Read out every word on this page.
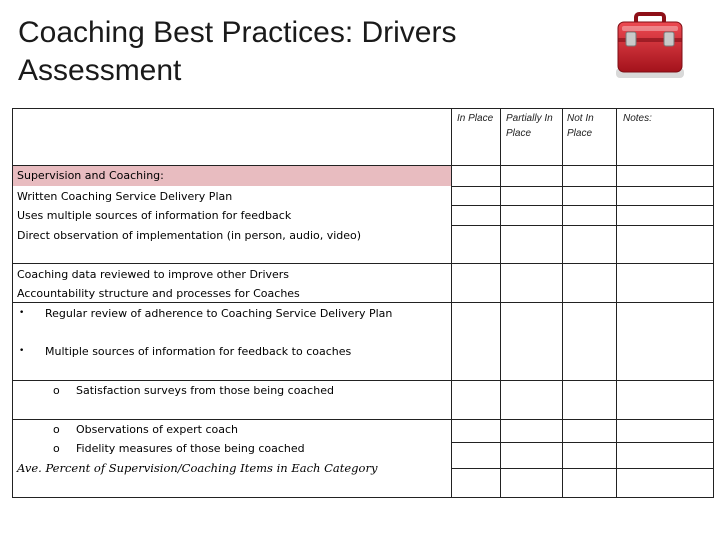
Coaching Best Practices: Drivers Assessment
In Place Partially In
Place
Not In
Place
Notes:
Supervision and Coaching:
Written Coaching Service Delivery Plan
Uses multiple sources of information for feedback
Direct observation of implementation (in person, audio, video)
Coaching data reviewed to improve other Drivers
Accountability structure and processes for Coaches
• Regular review of adherence to Coaching Service Delivery Plan
• Multiple sources of information for feedback to coaches
o Satisfaction surveys from those being coached
o Observations of expert coach
o Fidelity measures of those being coached
Ave. Percent of Supervision/Coaching Items in Each Category
